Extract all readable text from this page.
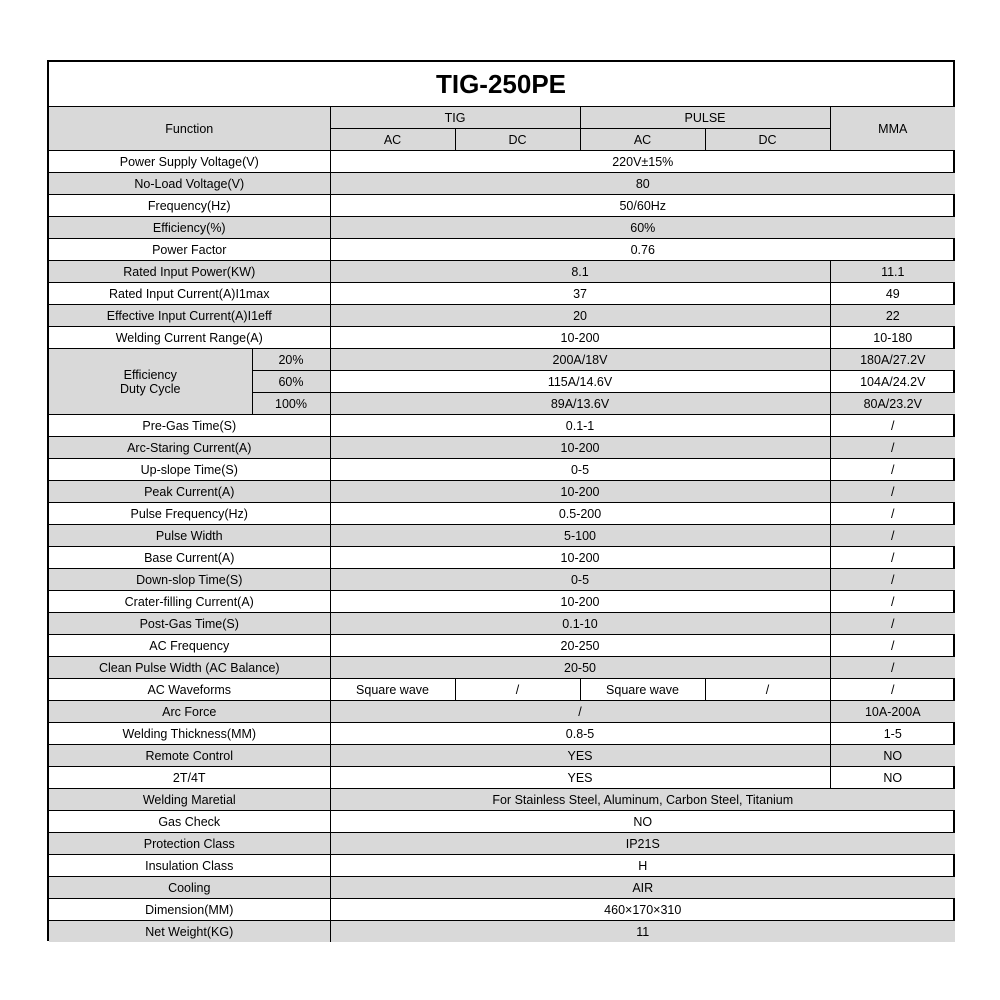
TIG-250PE
Function		TIG		PULSE		MMA
		AC	DC	AC	DC	
Power Supply Voltage(V)		220V±15%				
No-Load Voltage(V)		80				
Frequency(Hz)		50/60Hz				
Efficiency(%)		60%				
Power Factor		0.76				
Rated Input Power(KW)		8.1				11.1
Rated Input Current(A)I1max		37				49
Effective Input Current(A)I1eff		20				22
Welding Current Range(A)		10-200				10-180
Efficiency
Duty Cycle	20%	200A/18V				180A/27.2V
	60%	115A/14.6V				104A/24.2V
	100%	89A/13.6V				80A/23.2V
Pre-Gas Time(S)		0.1-1				/
Arc-Staring Current(A)		10-200				/
Up-slope Time(S)		0-5				/
Peak Current(A)		10-200				/
Pulse Frequency(Hz)		0.5-200				/
Pulse Width		5-100				/
Base Current(A)		10-200				/
Down-slop Time(S)		0-5				/
Crater-filling Current(A)		10-200				/
Post-Gas Time(S)		0.1-10				/
AC Frequency		20-250				/
Clean Pulse Width (AC Balance)		20-50				/
AC Waveforms		Square wave	/	Square wave	/	/
Arc Force		/				10A-200A
Welding Thickness(MM)		0.8-5				1-5
Remote Control		YES				NO
2T/4T		YES				NO
Welding Maretial		For Stainless Steel, Aluminum, Carbon Steel, Titanium				
Gas Check		NO				
Protection Class		IP21S				
Insulation Class		H				
Cooling		AIR				
Dimension(MM)		460×170×310				
Net Weight(KG)		11				
